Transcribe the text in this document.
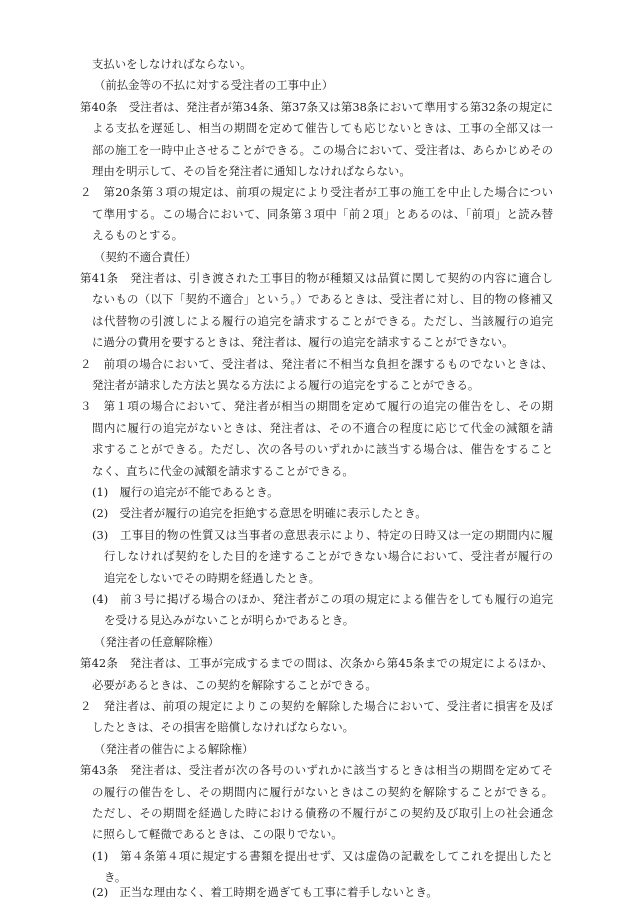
支払いをしなければならない。
（前払金等の不払に対する受注者の工事中止）
第40条　受注者は、発注者が第34条、第37条又は第38条において準用する第32条の規定に
よる支払を遅延し、相当の期間を定めて催告しても応じないときは、工事の全部又は一
部の施工を一時中止させることができる。この場合において、受注者は、あらかじめその
理由を明示して、その旨を発注者に通知しなければならない。
２　第20条第３項の規定は、前項の規定により受注者が工事の施工を中止した場合につい
て準用する。この場合において、同条第３項中「前２項」とあるのは、「前項」と読み替
えるものとする。
（契約不適合責任）
第41条　発注者は、引き渡された工事目的物が種類又は品質に関して契約の内容に適合し
ないもの（以下「契約不適合」という。）であるときは、受注者に対し、目的物の修補又
は代替物の引渡しによる履行の追完を請求することができる。ただし、当該履行の追完
に過分の費用を要するときは、発注者は、履行の追完を請求することができない。
２　前項の場合において、受注者は、発注者に不相当な負担を課するものでないときは、
発注者が請求した方法と異なる方法による履行の追完をすることができる。
３　第１項の場合において、発注者が相当の期間を定めて履行の追完の催告をし、その期
間内に履行の追完がないときは、発注者は、その不適合の程度に応じて代金の減額を請
求することができる。ただし、次の各号のいずれかに該当する場合は、催告をすること
なく、直ちに代金の減額を請求することができる。
(1)　履行の追完が不能であるとき。
(2)　受注者が履行の追完を拒絶する意思を明確に表示したとき。
(3)　工事目的物の性質又は当事者の意思表示により、特定の日時又は一定の期間内に履
行しなければ契約をした目的を達することができない場合において、受注者が履行の
追完をしないでその時期を経過したとき。
(4)　前３号に掲げる場合のほか、発注者がこの項の規定による催告をしても履行の追完
を受ける見込みがないことが明らかであるとき。
（発注者の任意解除権）
第42条　発注者は、工事が完成するまでの間は、次条から第45条までの規定によるほか、
必要があるときは、この契約を解除することができる。
２　発注者は、前項の規定によりこの契約を解除した場合において、受注者に損害を及ぼ
したときは、その損害を賠償しなければならない。
（発注者の催告による解除権）
第43条　発注者は、受注者が次の各号のいずれかに該当するときは相当の期間を定めてそ
の履行の催告をし、その期間内に履行がないときはこの契約を解除することができる。
ただし、その期間を経過した時における債務の不履行がこの契約及び取引上の社会通念
に照らして軽微であるときは、この限りでない。
(1)　第４条第４項に規定する書類を提出せず、又は虚偽の記載をしてこれを提出したと
き。
(2)　正当な理由なく、着工時期を過ぎても工事に着手しないとき。
